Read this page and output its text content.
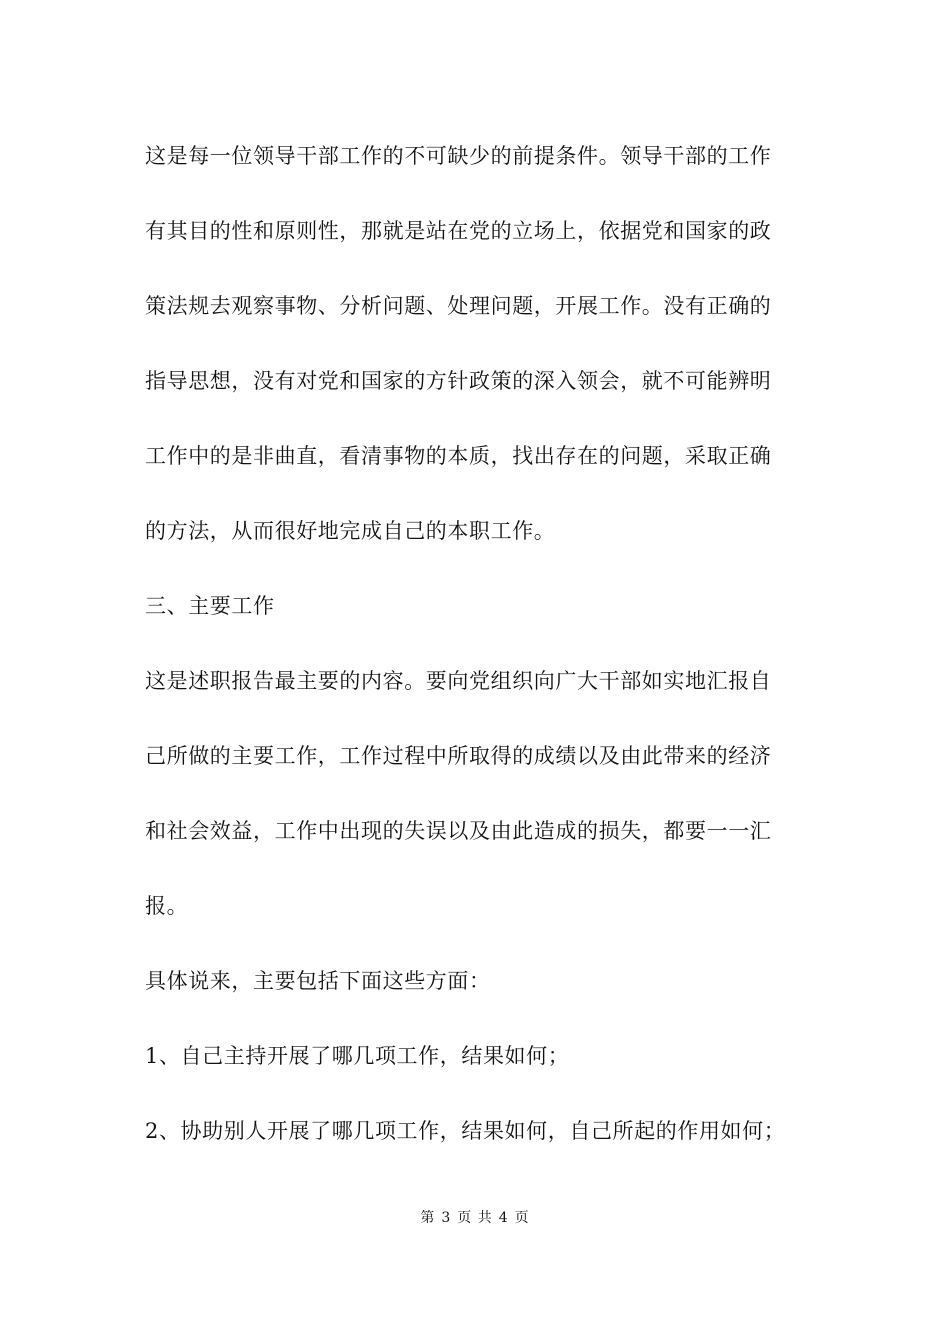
这是每一位领导干部工作的不可缺少的前提条件。领导干部的工作
有其目的性和原则性，那就是站在党的立场上，依据党和国家的政
策法规去观察事物、分析问题、处理问题，开展工作。没有正确的
指导思想，没有对党和国家的方针政策的深入领会，就不可能辨明
工作中的是非曲直，看清事物的本质，找出存在的问题，采取正确
的方法，从而很好地完成自己的本职工作。
三、主要工作
这是述职报告最主要的内容。要向党组织向广大干部如实地汇报自
己所做的主要工作，工作过程中所取得的成绩以及由此带来的经济
和社会效益，工作中出现的失误以及由此造成的损失，都要一一汇
报。
具体说来，主要包括下面这些方面：
1、自己主持开展了哪几项工作，结果如何；
2、协助别人开展了哪几项工作，结果如何，自己所起的作用如何；
第 3 页 共 4 页
